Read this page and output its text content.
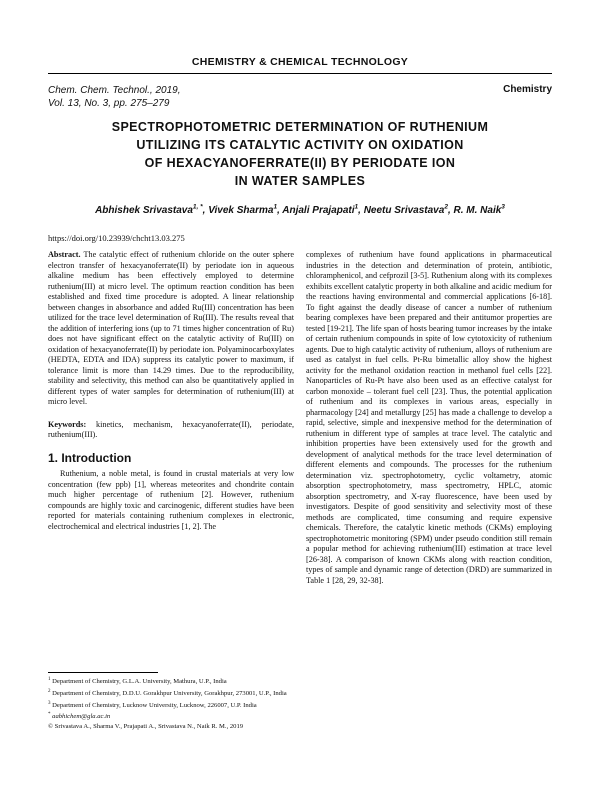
CHEMISTRY & CHEMICAL TECHNOLOGY
Chem. Chem. Technol., 2019,
Vol. 13, No. 3, pp. 275–279
Chemistry
SPECTROPHOTOMETRIC DETERMINATION OF RUTHENIUM
UTILIZING ITS CATALYTIC ACTIVITY ON OXIDATION
OF HEXACYANOFERRATE(II) BY PERIODATE ION
IN WATER SAMPLES
Abhishek Srivastava$^{1, *}$, Vivek Sharma$^1$, Anjali Prajapati$^1$, Neetu Srivastava$^2$, R. M. Naik$^3$
https://doi.org/10.23939/chcht13.03.275

Abstract. The catalytic effect of ruthenium chloride on the outer sphere electron transfer of hexacyanoferrate(II) by periodate ion in aqueous alkaline medium has been effectively employed to determine ruthenium(III) at micro level. The optimum reaction condition has been established and fixed time procedure is adopted. A linear relationship between changes in absorbance and added Ru(III) concentration has been utilized for the trace level determination of Ru(III). The results reveal that the addition of interfering ions (up to 71 times higher concentration of Ru) does not have significant effect on the catalytic activity of Ru(III) on oxidation of hexacyanoferrate(II) by periodate ion. Polyaminocarboxylates (HEDTA, EDTA and IDA) suppress its catalytic power to maximum, if tolerance limit is more than 14.29 times. Due to the reproducibility, stability and selectivity, this method can also be quantitatively applied in different types of water samples for determination of ruthenium(III) at micro level.

Keywords: kinetics, mechanism, hexacyanoferrate(II), periodate, ruthenium(III).

1. Introduction

Ruthenium, a noble metal, is found in crustal materials at very low concentration (few ppb) [1], whereas meteorites and chondrite contain much higher percentage of ruthenium [2]. However, ruthenium compounds are highly toxic and carcinogenic, different studies have been reported for materials containing ruthenium complexes in electronic, electrochemical and electrical industries [1, 2]. The

$^1$ Department of Chemistry, G.L.A. University, Mathura, U.P., India

$^2$ Department of Chemistry, D.D.U. Gorakhpur University, Gorakhpur, 273001, U.P., India

$^3$ Department of Chemistry, Lucknow University, Lucknow, 226007, U.P. India

* aabhichem@gla.ac.in

© Srivastava A., Sharma V., Prajapati A., Srivastava N., Naik R. M., 2019

complexes of ruthenium have found applications in pharmaceutical industries in the detection and determination of protein, antibiotic, chloramphenicol, and cefprozil [3-5]. Ruthenium along with its complexes exhibits excellent catalytic property in both alkaline and acidic medium for the reactions having environmental and commercial applications [6-18]. To fight against the deadly disease of cancer a number of ruthenium bearing complexes have been prepared and their antitumor properties are tested [19-21]. The life span of hosts bearing tumor increases by the intake of certain ruthenium compounds in spite of low cytotoxicity of ruthenium agents. Due to high catalytic activity of ruthenium, alloys of ruthenium are used as catalyst in fuel cells. Pt-Ru bimetallic alloy show the highest activity for the methanol oxidation reaction in methanol fuel cells [22]. Nanoparticles of Ru-Pt have also been used as an effective catalyst for carbon monoxide – tolerant fuel cell [23]. Thus, the potential application of ruthenium and its complexes in various areas, especially in pharmacology [24] and metallurgy [25] has made a challenge to develop a rapid, selective, simple and inexpensive method for the determination of ruthenium in different type of samples at trace level. The catalytic and inhibition properties have been extensively used for the growth and development of analytical methods for the trace level determination of different elements and compounds. The processes for the ruthenium determination viz. spectrophotometry, cyclic voltametry, atomic absorption spectrophotometry, mass spectrometry, HPLC, atomic absorption spectrometry, and X-ray fluorescence, have been used by investigators. Despite of good sensitivity and selectivity most of these methods are complicated, time consuming and require expensive chemicals. Therefore, the catalytic kinetic methods (CKMs) employing spectrophotometric monitoring (SPM) under pseudo condition still remain a popular method for achieving ruthenium(III) estimation at trace level [26-38]. A comparison of known CKMs along with reaction condition, types of sample and dynamic range of detection (DRD) are summarized in Table 1 [28, 29, 32-38].
